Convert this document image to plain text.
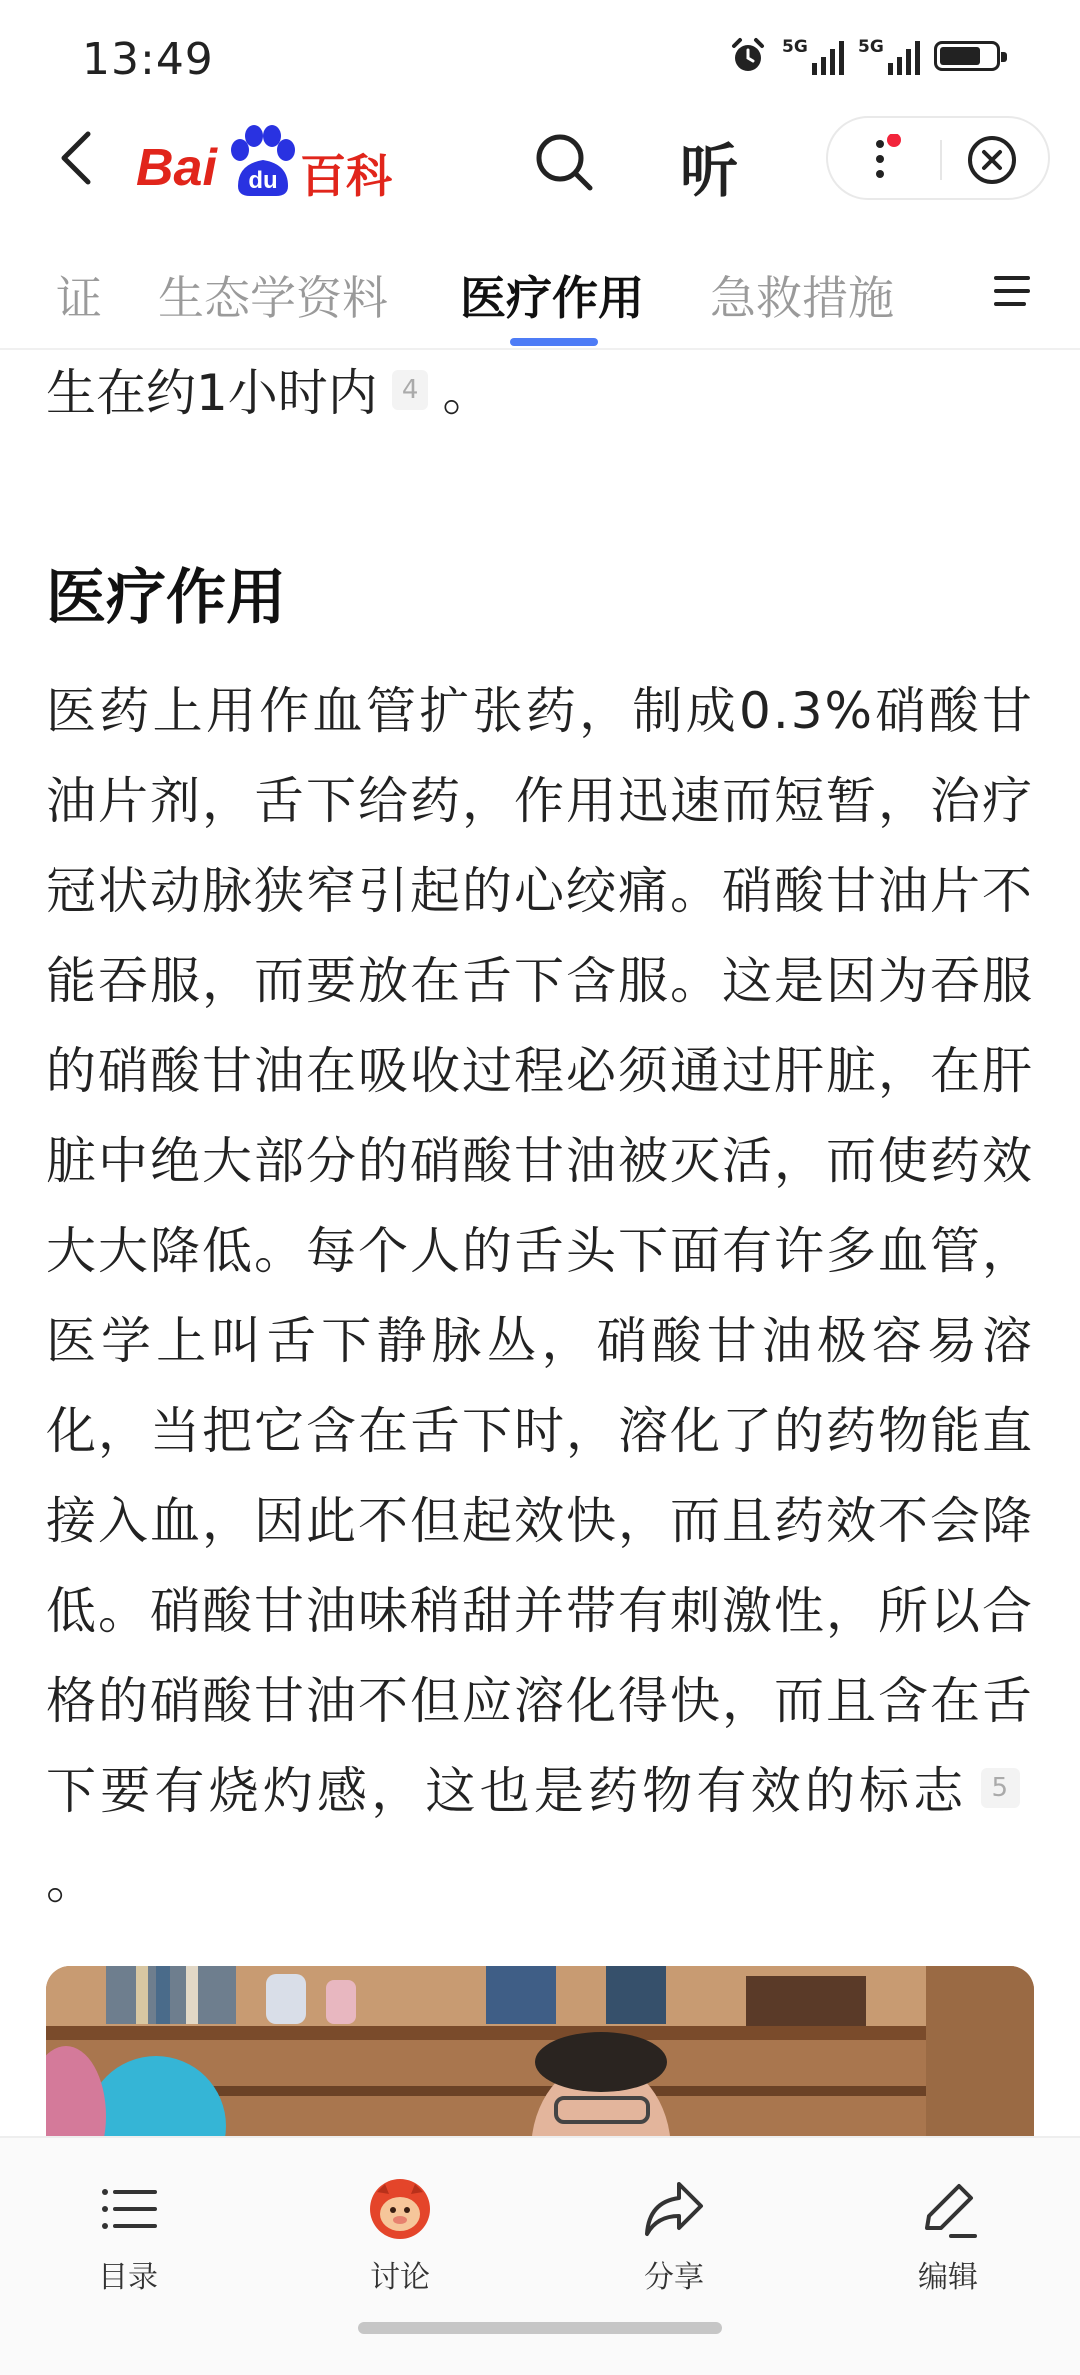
13:49	5G	5G
Bai du 百科	听
证 生态学资料 医疗作用 急救措施

生在约1小时内 4 。

医疗作用

医药上用作血管扩张药，制成0.3%硝酸甘油片剂，舌下给药，作用迅速而短暂，治疗冠状动脉狭窄引起的心绞痛。硝酸甘油片不能吞服，而要放在舌下含服。这是因为吞服的硝酸甘油在吸收过程必须通过肝脏，在肝脏中绝大部分的硝酸甘油被灭活，而使药效大大降低。每个人的舌头下面有许多血管，医学上叫舌下静脉丛，硝酸甘油极容易溶化，当把它含在舌下时，溶化了的药物能直接入血，因此不但起效快，而且药效不会降低。硝酸甘油味稍甜并带有刺激性，所以合格的硝酸甘油不但应溶化得快，而且含在舌下要有烧灼感，这也是药物有效的标志 5。

目录	讨论	分享	编辑
